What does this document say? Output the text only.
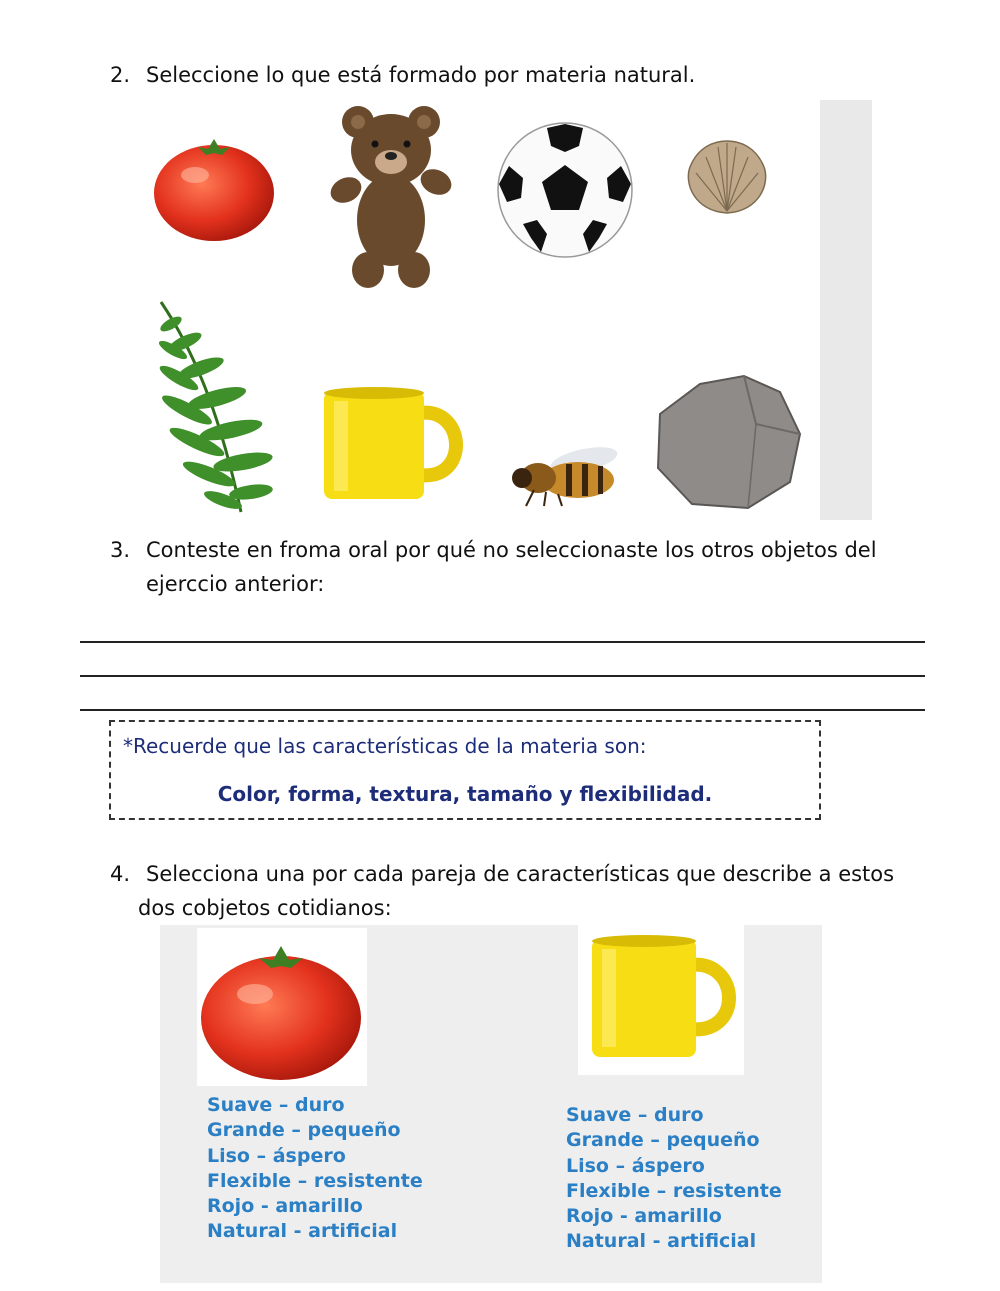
2. Seleccione lo que está formado por materia natural.
3. Conteste en froma oral por qué no seleccionaste los otros objetos del
ejerccio anterior:
*Recuerde que las características de la materia son:
Color, forma, textura, tamaño y flexibilidad.
4. Selecciona una por cada pareja de características que describe a estos
dos cobjetos cotidianos:
Suave – duro
Grande – pequeño
Liso – áspero
Flexible – resistente
Rojo - amarillo
Natural - artificial
Suave – duro
Grande – pequeño
Liso – áspero
Flexible – resistente
Rojo - amarillo
Natural - artificial
